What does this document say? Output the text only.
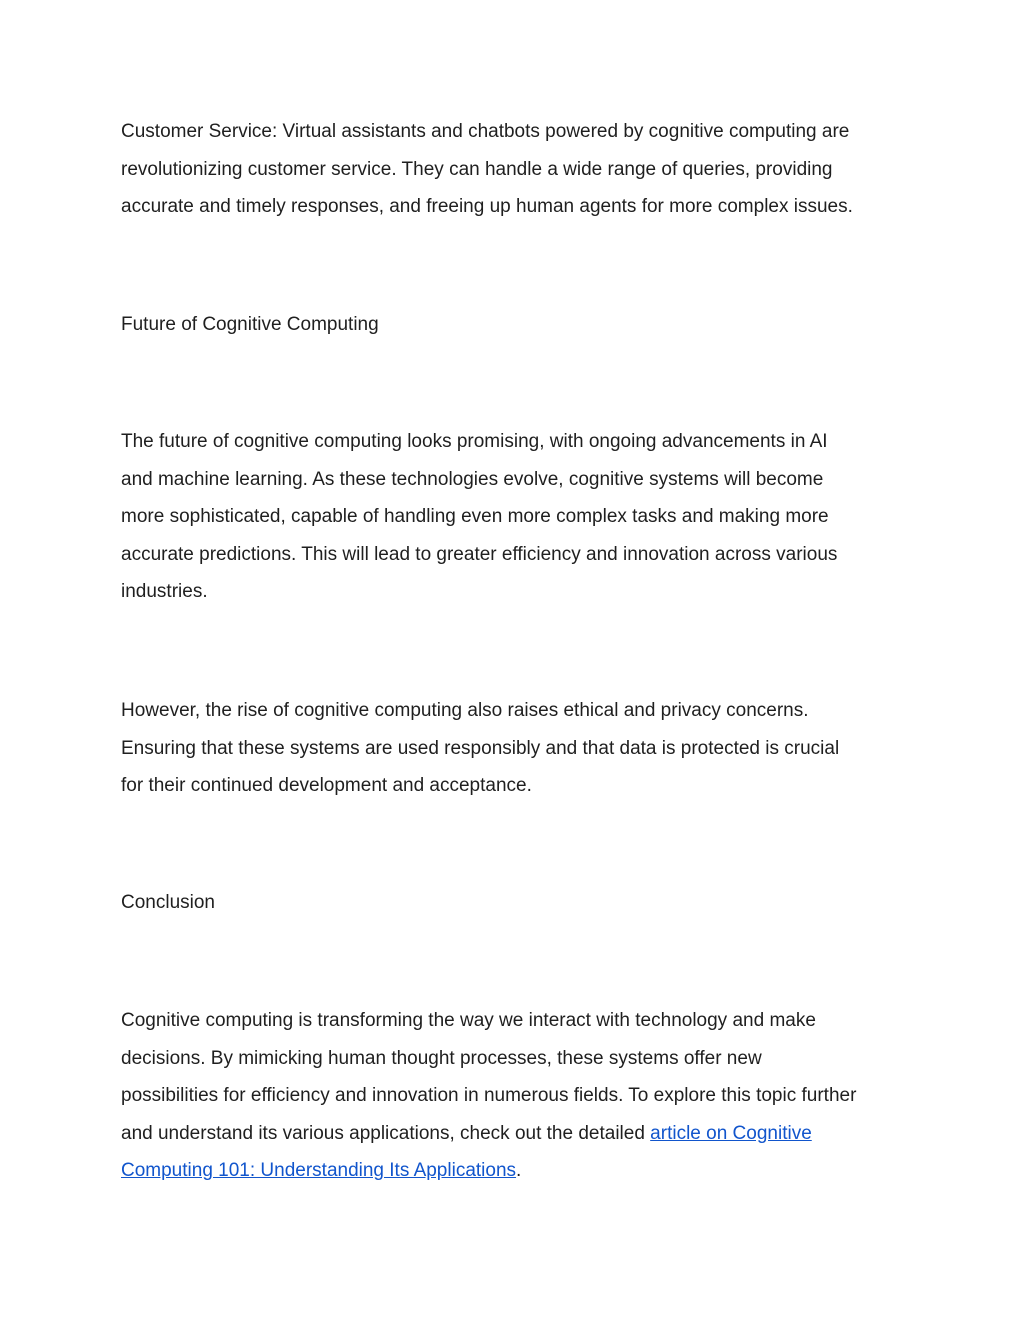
Customer Service: Virtual assistants and chatbots powered by cognitive computing are
revolutionizing customer service. They can handle a wide range of queries, providing
accurate and timely responses, and freeing up human agents for more complex issues.

Future of Cognitive Computing

The future of cognitive computing looks promising, with ongoing advancements in AI
and machine learning. As these technologies evolve, cognitive systems will become
more sophisticated, capable of handling even more complex tasks and making more
accurate predictions. This will lead to greater efficiency and innovation across various
industries.

However, the rise of cognitive computing also raises ethical and privacy concerns.
Ensuring that these systems are used responsibly and that data is protected is crucial
for their continued development and acceptance.

Conclusion

Cognitive computing is transforming the way we interact with technology and make
decisions. By mimicking human thought processes, these systems offer new
possibilities for efficiency and innovation in numerous fields. To explore this topic further
and understand its various applications, check out the detailed article on Cognitive
Computing 101: Understanding Its Applications.
